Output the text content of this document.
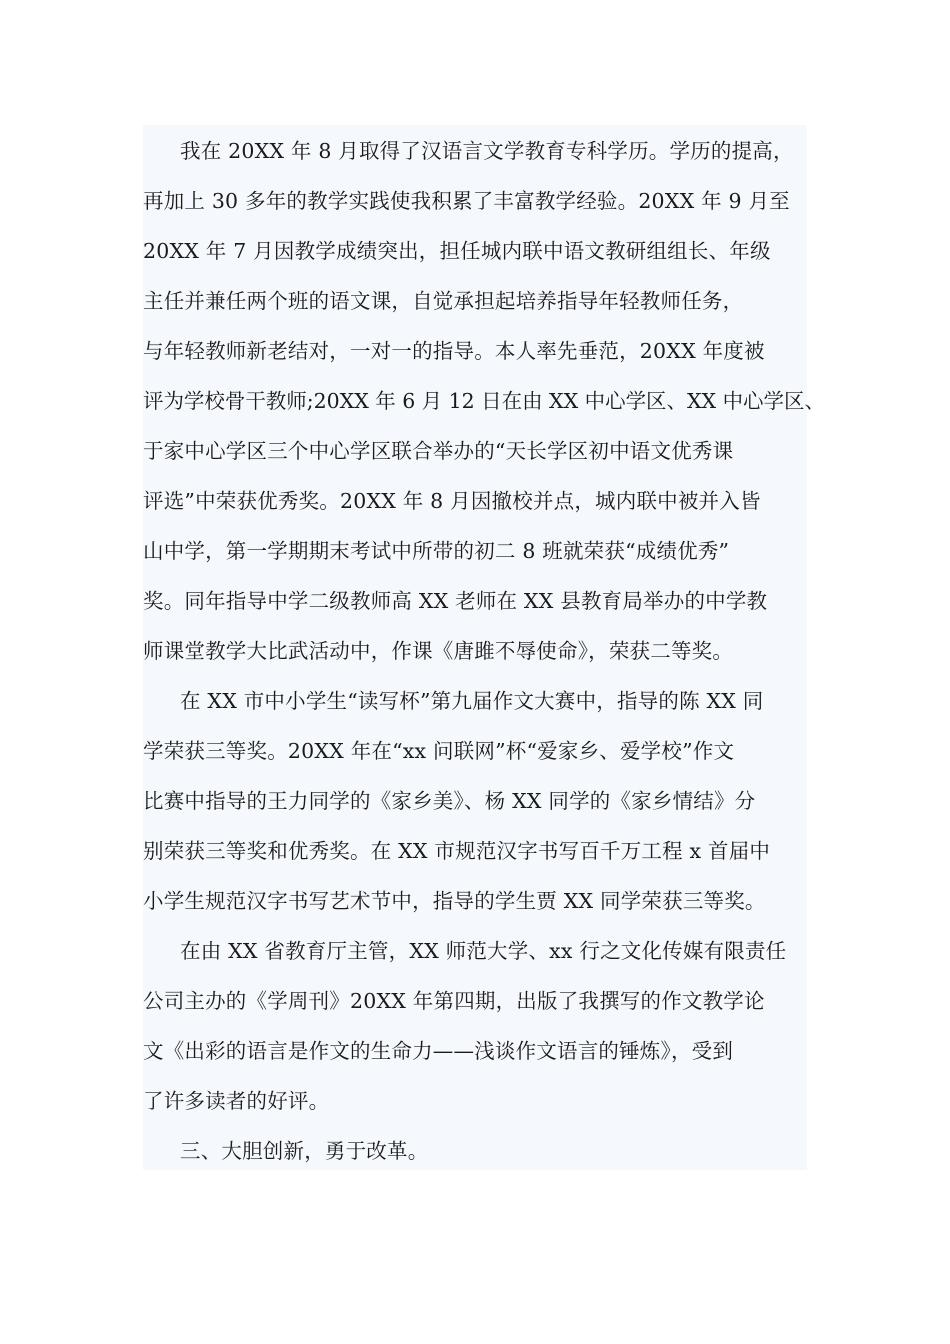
我在 20XX 年 8 月取得了汉语言文学教育专科学历。学历的提高，
再加上 30 多年的教学实践使我积累了丰富教学经验。20XX 年 9 月至
20XX 年 7 月因教学成绩突出，担任城内联中语文教研组组长、年级
主任并兼任两个班的语文课，自觉承担起培养指导年轻教师任务，
与年轻教师新老结对，一对一的指导。本人率先垂范，20XX 年度被
评为学校骨干教师;20XX 年 6 月 12 日在由 XX 中心学区、XX 中心学区、
于家中心学区三个中心学区联合举办的“天长学区初中语文优秀课
评选”中荣获优秀奖。20XX 年 8 月因撤校并点，城内联中被并入皆
山中学，第一学期期末考试中所带的初二 8 班就荣获“成绩优秀”
奖。同年指导中学二级教师高 XX 老师在 XX 县教育局举办的中学教
师课堂教学大比武活动中，作课《唐雎不辱使命》，荣获二等奖。
在 XX 市中小学生“读写杯”第九届作文大赛中，指导的陈 XX 同
学荣获三等奖。20XX 年在“xx 问联网”杯“爱家乡、爱学校”作文
比赛中指导的王力同学的《家乡美》、杨 XX 同学的《家乡情结》分
别荣获三等奖和优秀奖。在 XX 市规范汉字书写百千万工程 x 首届中
小学生规范汉字书写艺术节中，指导的学生贾 XX 同学荣获三等奖。
在由 XX 省教育厅主管，XX 师范大学、xx 行之文化传媒有限责任
公司主办的《学周刊》20XX 年第四期，出版了我撰写的作文教学论
文《出彩的语言是作文的生命力——浅谈作文语言的锤炼》，受到
了许多读者的好评。
三、大胆创新，勇于改革。
